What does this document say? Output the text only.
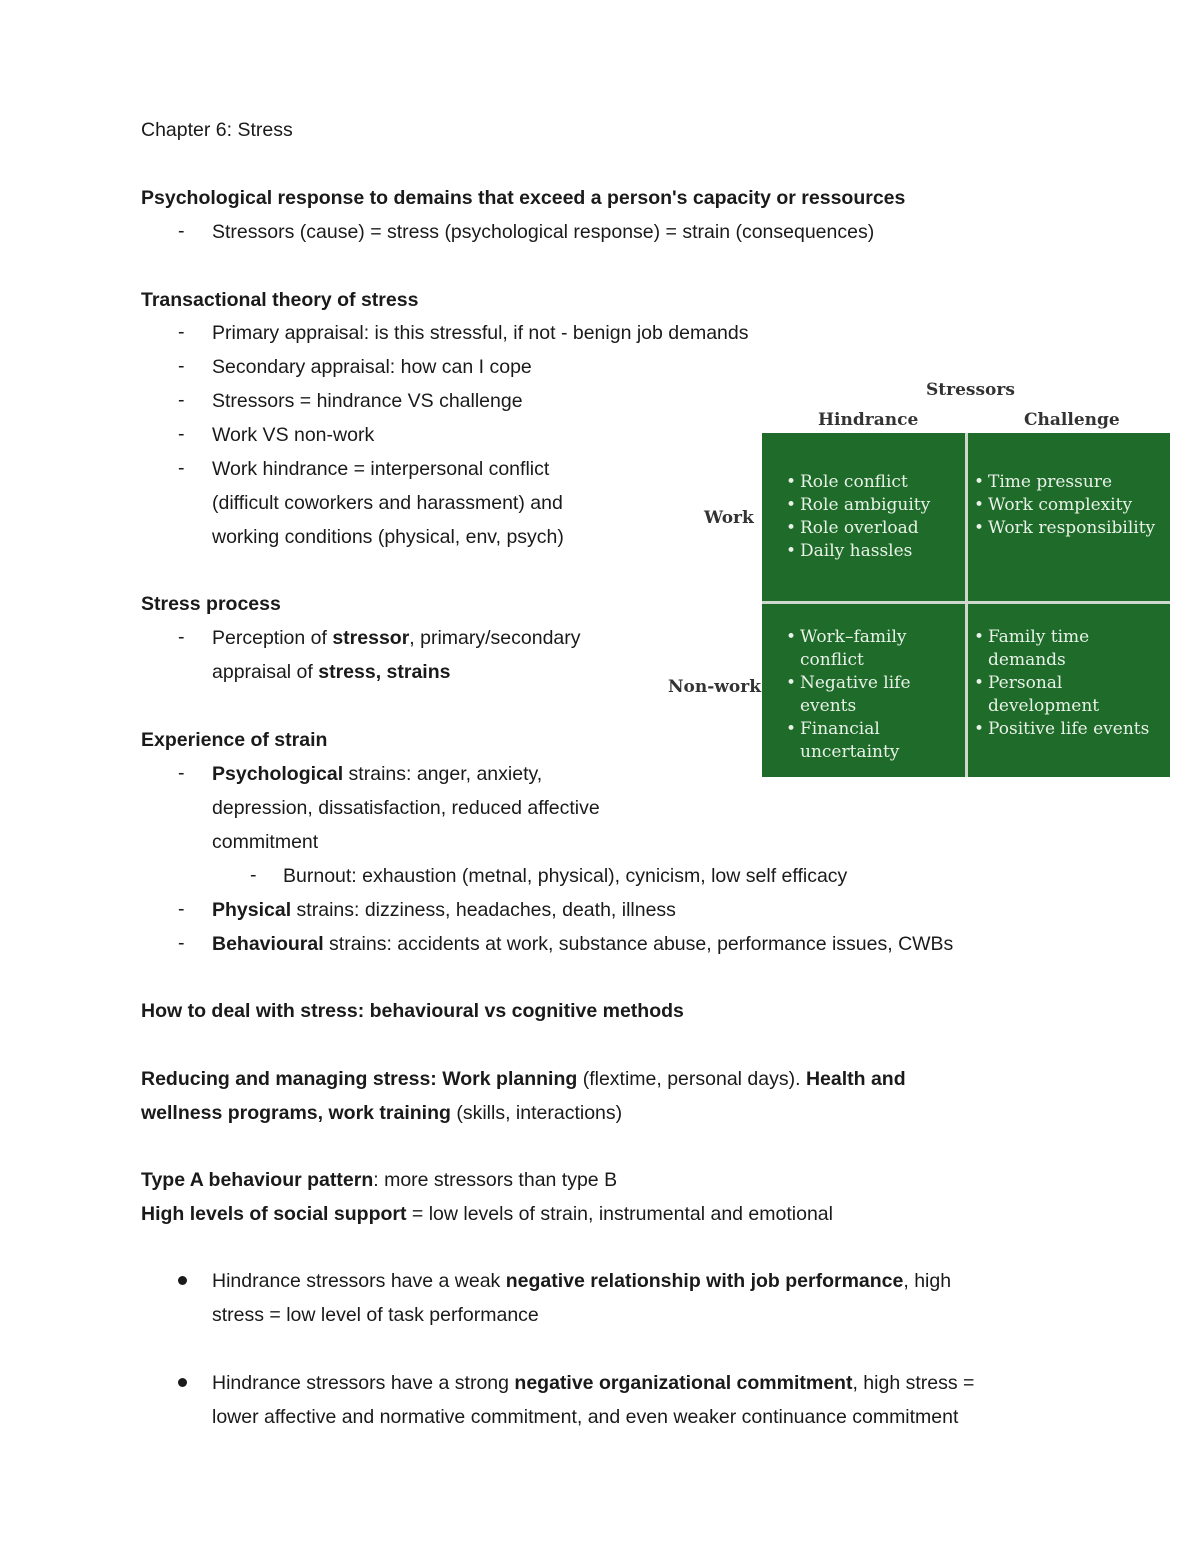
Chapter 6: Stress
Psychological response to demains that exceed a person's capacity or ressources
- Stressors (cause) = stress (psychological response) = strain (consequences)
Transactional theory of stress
- Primary appraisal: is this stressful, if not - benign job demands
- Secondary appraisal: how can I cope
- Stressors = hindrance VS challenge
- Work VS non-work
- Work hindrance = interpersonal conflict
(difficult coworkers and harassment) and
working conditions (physical, env, psych)
Stress process
- Perception of stressor, primary/secondary
appraisal of stress, strains
Experience of strain
- Psychological strains: anger, anxiety,
depression, dissatisfaction, reduced affective
commitment
- Burnout: exhaustion (metnal, physical), cynicism, low self efficacy
- Physical strains: dizziness, headaches, death, illness
- Behavioural strains: accidents at work, substance abuse, performance issues, CWBs
How to deal with stress: behavioural vs cognitive methods
Reducing and managing stress: Work planning (flextime, personal days). Health and
wellness programs, work training (skills, interactions)
Type A behaviour pattern: more stressors than type B
High levels of social support = low levels of strain, instrumental and emotional
Hindrance stressors have a weak negative relationship with job performance, high
stress = low level of task performance
Hindrance stressors have a strong negative organizational commitment, high stress =
lower affective and normative commitment, and even weaker continuance commitment
Stressors
Hindrance	Challenge
Work
Non-work
• Role conflict
• Role ambiguity
• Role overload
• Daily hassles
• Time pressure
• Work complexity
• Work responsibility
• Work–family
conflict
• Negative life
events
• Financial
uncertainty
• Family time
demands
• Personal
development
• Positive life events
